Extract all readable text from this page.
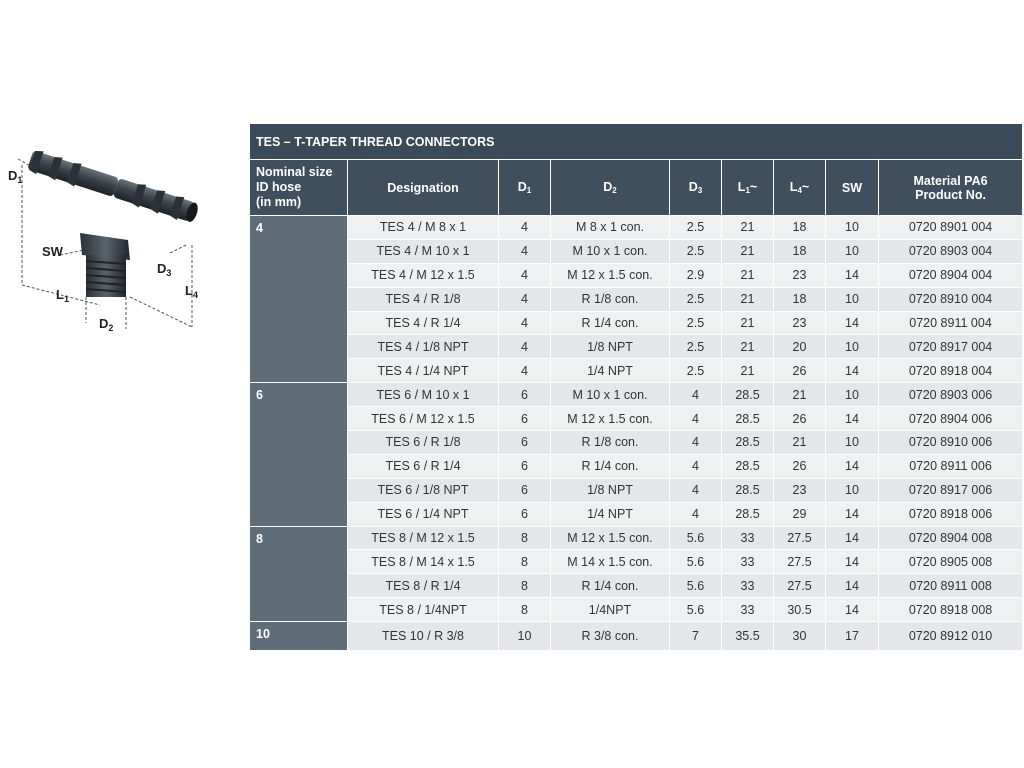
$D_1$
SW
$D_3$
$L_1$
$L_4$
$D_2$
TES – T-TAPER THREAD CONNECTORS								
Nominal size
ID hose
(in mm)	Designation	$D_1$	$D_2$	$D_3$	$L_1\sim$	$L_4\sim$	SW	Material PA6
Product No.
4	TES 4 / M 8 x 1	4	M 8 x 1 con.	2.5	21	18	10	0720 8901 004
	TES 4 / M 10 x 1	4	M 10 x 1 con.	2.5	21	18	10	0720 8903 004
	TES 4 / M 12 x 1.5	4	M 12 x 1.5 con.	2.9	21	23	14	0720 8904 004
	TES 4 / R 1/8	4	R 1/8 con.	2.5	21	18	10	0720 8910 004
	TES 4 / R 1/4	4	R 1/4 con.	2.5	21	23	14	0720 8911 004
	TES 4 / 1/8 NPT	4	1/8 NPT	2.5	21	20	10	0720 8917 004
	TES 4 / 1/4 NPT	4	1/4 NPT	2.5	21	26	14	0720 8918 004
6	TES 6 / M 10 x 1	6	M 10 x 1 con.	4	28.5	21	10	0720 8903 006
	TES 6 / M 12 x 1.5	6	M 12 x 1.5 con.	4	28.5	26	14	0720 8904 006
	TES 6 / R 1/8	6	R 1/8 con.	4	28.5	21	10	0720 8910 006
	TES 6 / R 1/4	6	R 1/4 con.	4	28.5	26	14	0720 8911 006
	TES 6 / 1/8 NPT	6	1/8 NPT	4	28.5	23	10	0720 8917 006
	TES 6 / 1/4 NPT	6	1/4 NPT	4	28.5	29	14	0720 8918 006
8	TES 8 / M 12 x 1.5	8	M 12 x 1.5 con.	5.6	33	27.5	14	0720 8904 008
	TES 8 / M 14 x 1.5	8	M 14 x 1.5 con.	5.6	33	27.5	14	0720 8905 008
	TES 8 / R 1/4	8	R 1/4 con.	5.6	33	27.5	14	0720 8911 008
	TES 8 / 1/4NPT	8	1/4NPT	5.6	33	30.5	14	0720 8918 008
10	TES 10 / R 3/8	10	R 3/8 con.	7	35.5	30	17	0720 8912 010
